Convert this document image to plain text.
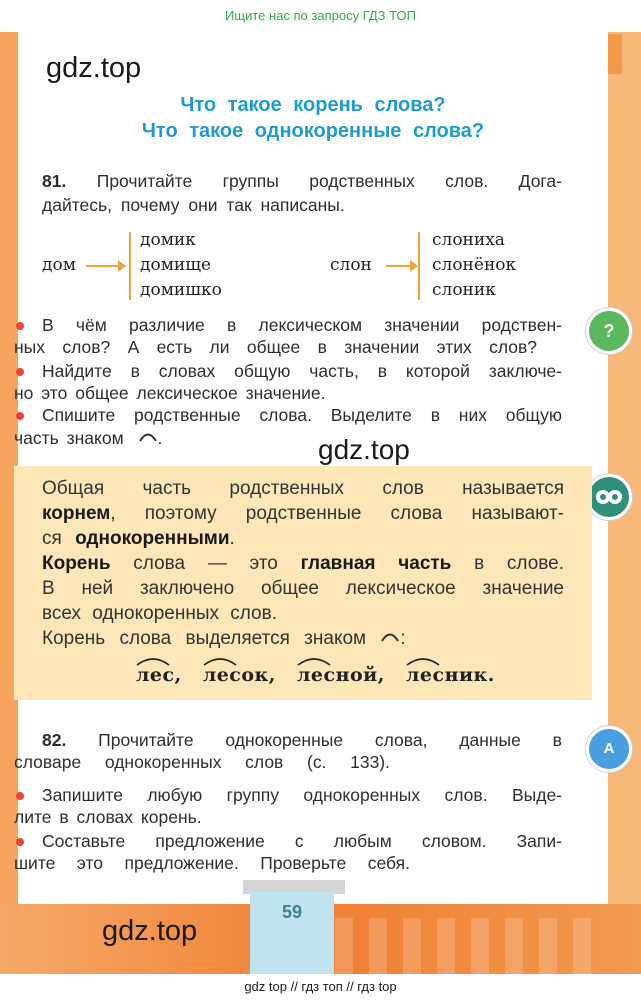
Ищите нас по запросу ГДЗ ТОП
gdz.top
gdz.top
gdz.top
Что такое корень слова?
Что такое однокоренные слова?
81. Прочитайте группы родственных слов. Дога-
дайтесь, почему они так написаны.
дом
домик
домище
домишко
слон
слониха
слонёнок
слоник
В чём различие в лексическом значении родствен-
ных слов? А есть ли общее в значении этих слов?
Найдите в словах общую часть, в которой заключе-
но это общее лексическое значение.
Спишите родственные слова. Выделите в них общую
часть знаком .
?
A
Общая часть родственных слов называется
корнем, поэтому родственные слова называют-
ся однокоренными.
Корень слова — это главная часть в слове.
В ней заключено общее лексическое значение
всех однокоренных слов.
Корень слова выделяется знаком :
лес, лесок, лесной, лесник.
82. Прочитайте однокоренные слова, данные в
словаре однокоренных слов (с. 133).
Запишите любую группу однокоренных слов. Выде-
лите в словах корень.
Составьте предложение с любым словом. Запи-
шите это предложение. Проверьте себя.
59
gdz top // гдз топ // гдз top
